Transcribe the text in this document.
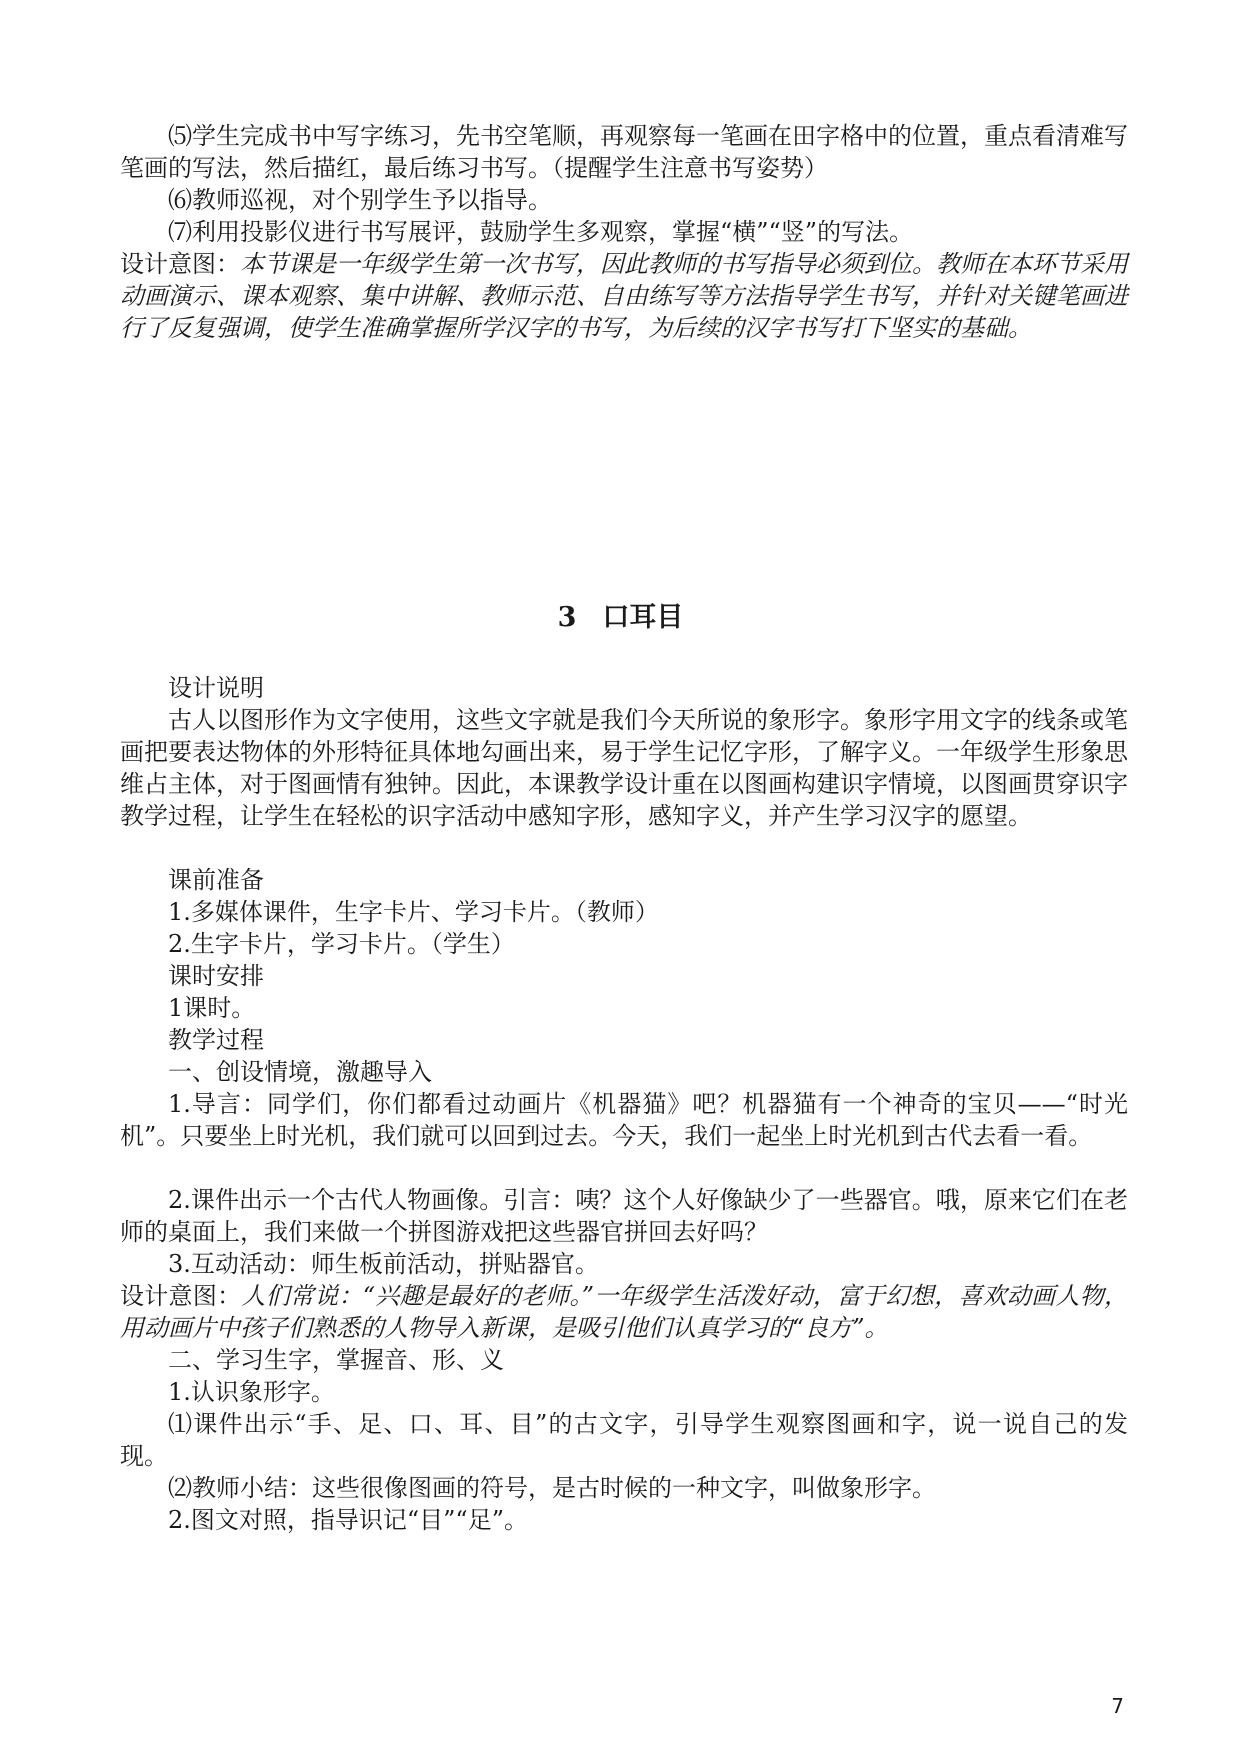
⑸学生完成书中写字练习，先书空笔顺，再观察每一笔画在田字格中的位置，重点看清难写笔画的写法，然后描红，最后练习书写。（提醒学生注意书写姿势）

⑹教师巡视，对个别学生予以指导。

⑺利用投影仪进行书写展评，鼓励学生多观察，掌握“横”“竖”的写法。

设计意图：本节课是一年级学生第一次书写，因此教师的书写指导必须到位。教师在本环节采用动画演示、课本观察、集中讲解、教师示范、自由练写等方法指导学生书写，并针对关键笔画进行了反复强调，使学生准确掌握所学汉字的书写，为后续的汉字书写打下坚实的基础。

3 口耳目

设计说明

古人以图形作为文字使用，这些文字就是我们今天所说的象形字。象形字用文字的线条或笔画把要表达物体的外形特征具体地勾画出来，易于学生记忆字形，了解字义。一年级学生形象思维占主体，对于图画情有独钟。因此，本课教学设计重在以图画构建识字情境，以图画贯穿识字教学过程，让学生在轻松的识字活动中感知字形，感知字义，并产生学习汉字的愿望。

课前准备

1.多媒体课件，生字卡片、学习卡片。（教师）

2.生字卡片，学习卡片。（学生）

课时安排

1课时。

教学过程

一、创设情境，激趣导入

1.导言：同学们，你们都看过动画片《机器猫》吧？机器猫有一个神奇的宝贝——“时光机”。只要坐上时光机，我们就可以回到过去。今天，我们一起坐上时光机到古代去看一看。

2.课件出示一个古代人物画像。引言：咦？这个人好像缺少了一些器官。哦，原来它们在老师的桌面上，我们来做一个拼图游戏把这些器官拼回去好吗？

3.互动活动：师生板前活动，拼贴器官。

设计意图：人们常说：“兴趣是最好的老师。”一年级学生活泼好动，富于幻想，喜欢动画人物，用动画片中孩子们熟悉的人物导入新课，是吸引他们认真学习的“良方”。

二、学习生字，掌握音、形、义

1.认识象形字。

⑴课件出示“手、足、口、耳、目”的古文字，引导学生观察图画和字，说一说自己的发现。

⑵教师小结：这些很像图画的符号，是古时候的一种文字，叫做象形字。

2.图文对照，指导识记“目”“足”。

7
